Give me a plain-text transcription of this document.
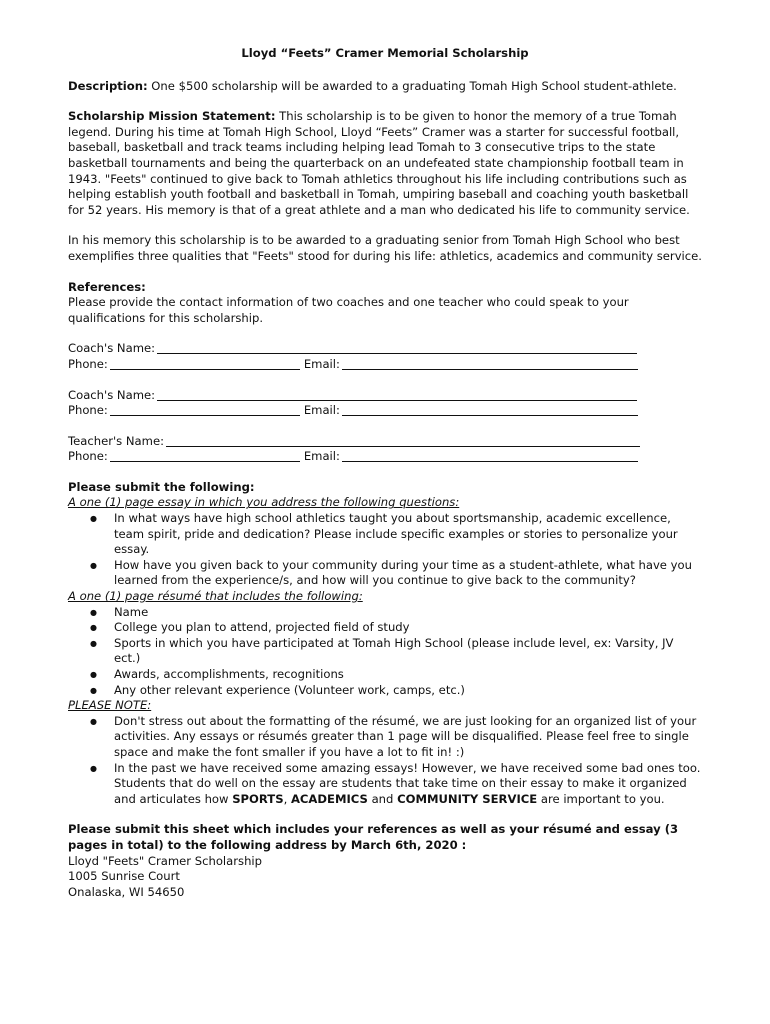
Lloyd “Feets” Cramer Memorial Scholarship

Description: One $500 scholarship will be awarded to a graduating Tomah High School student-athlete.

Scholarship Mission Statement: This scholarship is to be given to honor the memory of a true Tomah legend. During his time at Tomah High School, Lloyd “Feets” Cramer was a starter for successful football, baseball, basketball and track teams including helping lead Tomah to 3 consecutive trips to the state basketball tournaments and being the quarterback on an undefeated state championship football team in 1943. "Feets" continued to give back to Tomah athletics throughout his life including contributions such as helping establish youth football and basketball in Tomah, umpiring baseball and coaching youth basketball for 52 years. His memory is that of a great athlete and a man who dedicated his life to community service.

In his memory this scholarship is to be awarded to a graduating senior from Tomah High School who best exemplifies three qualities that "Feets" stood for during his life: athletics, academics and community service.

References:
Please provide the contact information of two coaches and one teacher who could speak to your qualifications for this scholarship.

Coach's Name:
Phone:	Email:
Coach's Name:
Phone:	Email:
Teacher's Name:
Phone:	Email:
Please submit the following:
A one (1) page essay in which you address the following questions:
● In what ways have high school athletics taught you about sportsmanship, academic excellence, team spirit, pride and dedication? Please include specific examples or stories to personalize your essay.
● How have you given back to your community during your time as a student-athlete, what have you learned from the experience/s, and how will you continue to give back to the community?
A one (1) page résumé that includes the following:
● Name
● College you plan to attend, projected field of study
● Sports in which you have participated at Tomah High School (please include level, ex: Varsity, JV ect.)
● Awards, accomplishments, recognitions
● Any other relevant experience (Volunteer work, camps, etc.)
PLEASE NOTE:
● Don't stress out about the formatting of the résumé, we are just looking for an organized list of your activities. Any essays or résumés greater than 1 page will be disqualified. Please feel free to single space and make the font smaller if you have a lot to fit in! :)
● In the past we have received some amazing essays! However, we have received some bad ones too. Students that do well on the essay are students that take time on their essay to make it organized and articulates how SPORTS, ACADEMICS and COMMUNITY SERVICE are important to you.
Please submit this sheet which includes your references as well as your résumé and essay (3 pages in total) to the following address by March 6th, 2020 :
Lloyd "Feets" Cramer Scholarship
1005 Sunrise Court
Onalaska, WI 54650
